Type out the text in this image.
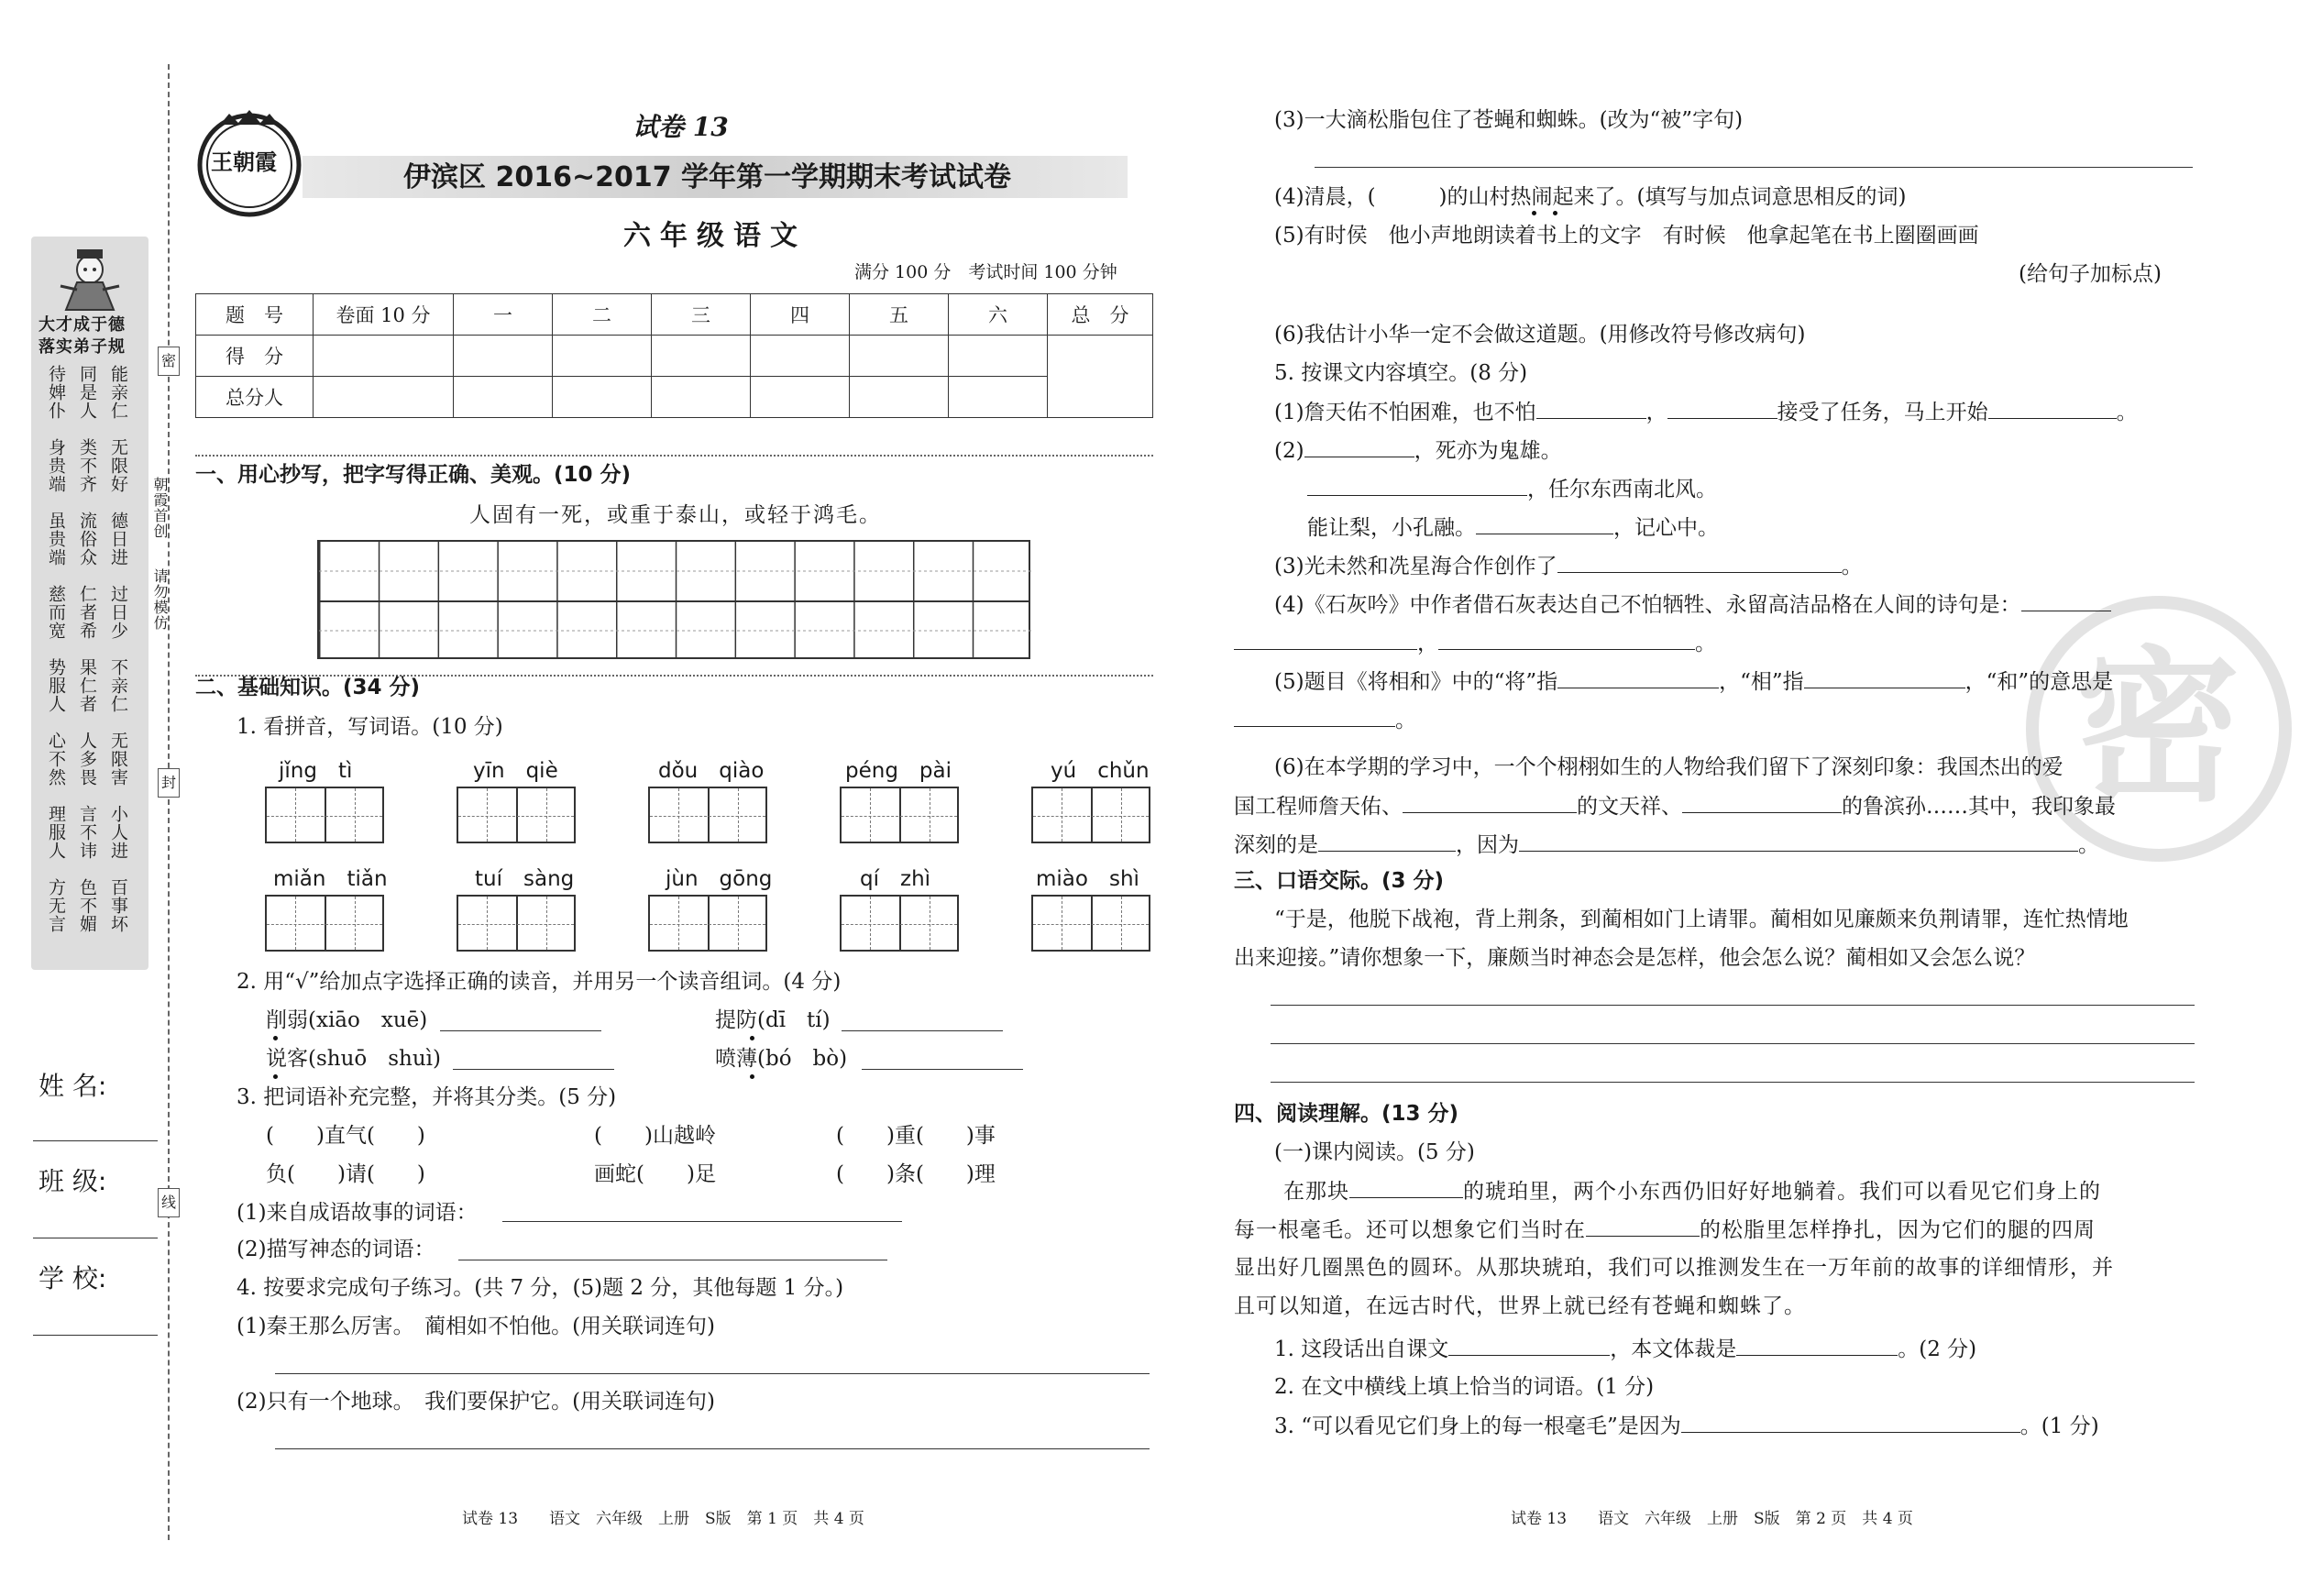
大才成于德
落实弟子规
能亲仁
同是人
待婢仆
无限好
类不齐
身贵端
德日进
流俗众
虽贵端
过日少
仁者希
慈而宽
不亲仁
果仁者
势服人
无限害
人多畏
心不然
小人进
言不讳
理服人
百事坏
色不媚
方无言
密
封
线
朝霞首创
请勿模仿
姓 名:
班 级:
学 校:
王朝霞
试卷 13
伊滨区 2016~2017 学年第一学期期末考试试卷
六年级语文
满分 100 分　考试时间 100 分钟
题　号	卷面 10 分	一	二	三	四	五	六	总　分
得　分								
总分人								
一、用心抄写，把字写得正确、美观。(10 分)
人固有一死，或重于泰山，或轻于鸿毛。
二、基础知识。(34 分)
1. 看拼音，写词语。(10 分)
jǐng　tì	yīn　qiè	dǒu　qiào	péng　pài	yú　chǔn
miǎn　tiǎn	tuí　sàng	jùn　gōng	qí　zhì	miào　shì
2. 用“√”给加点字选择正确的读音，并用另一个读音组词。(4 分)
削弱(xiāo　xuē)	提防(dī　tí)
说客(shuō　shuì)	喷薄(bó　bò)
3. 把词语补充完整，并将其分类。(5 分)
(　　)直气(　　)	(　　)山越岭	(　　)重(　　)事
负(　　)请(　　)	画蛇(　　)足	(　　)条(　　)理
(1)来自成语故事的词语：
(2)描写神态的词语：
4. 按要求完成句子练习。(共 7 分，(5)题 2 分，其他每题 1 分。)
(1)秦王那么厉害。　蔺相如不怕他。(用关联词连句)
(2)只有一个地球。　我们要保护它。(用关联词连句)
试卷 13　　语文　六年级　上册　S版　第 1 页　共 4 页
密
(3)一大滴松脂包住了苍蝇和蜘蛛。(改为“被”字句)
(4)清晨，(　　　)的山村热闹起来了。(填写与加点词意思相反的词)
(5)有时侯　他小声地朗读着书上的文字　有时候　他拿起笔在书上圈圈画画
(给句子加标点)
(6)我估计小华一定不会做这道题。(用修改符号修改病句)
5. 按课文内容填空。(8 分)
(1)詹天佑不怕困难，也不怕	，	接受了任务，马上开始	。
(2)	，死亦为鬼雄。
，任尔东西南北风。
能让梨，小孔融。	，记心中。
(3)光未然和冼星海合作创作了	。
(4)《石灰吟》中作者借石灰表达自己不怕牺牲、永留高洁品格在人间的诗句是：
，	。
(5)题目《将相和》中的“将”指	，“相”指	，“和”的意思是
。
(6)在本学期的学习中，一个个栩栩如生的人物给我们留下了深刻印象：我国杰出的爱
国工程师詹天佑、	的文天祥、	的鲁滨孙……其中，我印象最
深刻的是	，因为	。
三、口语交际。(3 分)
“于是，他脱下战袍，背上荆条，到蔺相如门上请罪。蔺相如见廉颇来负荆请罪，连忙热情地
出来迎接。”请你想象一下，廉颇当时神态会是怎样，他会怎么说？蔺相如又会怎么说？
四、阅读理解。(13 分)
(一)课内阅读。(5 分)
在那块	的琥珀里，两个小东西仍旧好好地躺着。我们可以看见它们身上的
每一根毫毛。还可以想象它们当时在	的松脂里怎样挣扎，因为它们的腿的四周
显出好几圈黑色的圆环。从那块琥珀，我们可以推测发生在一万年前的故事的详细情形，并
且可以知道，在远古时代，世界上就已经有苍蝇和蜘蛛了。
1. 这段话出自课文	，本文体裁是	。(2 分)
2. 在文中横线上填上恰当的词语。(1 分)
3. “可以看见它们身上的每一根毫毛”是因为	。(1 分)
试卷 13　　语文　六年级　上册　S版　第 2 页　共 4 页
